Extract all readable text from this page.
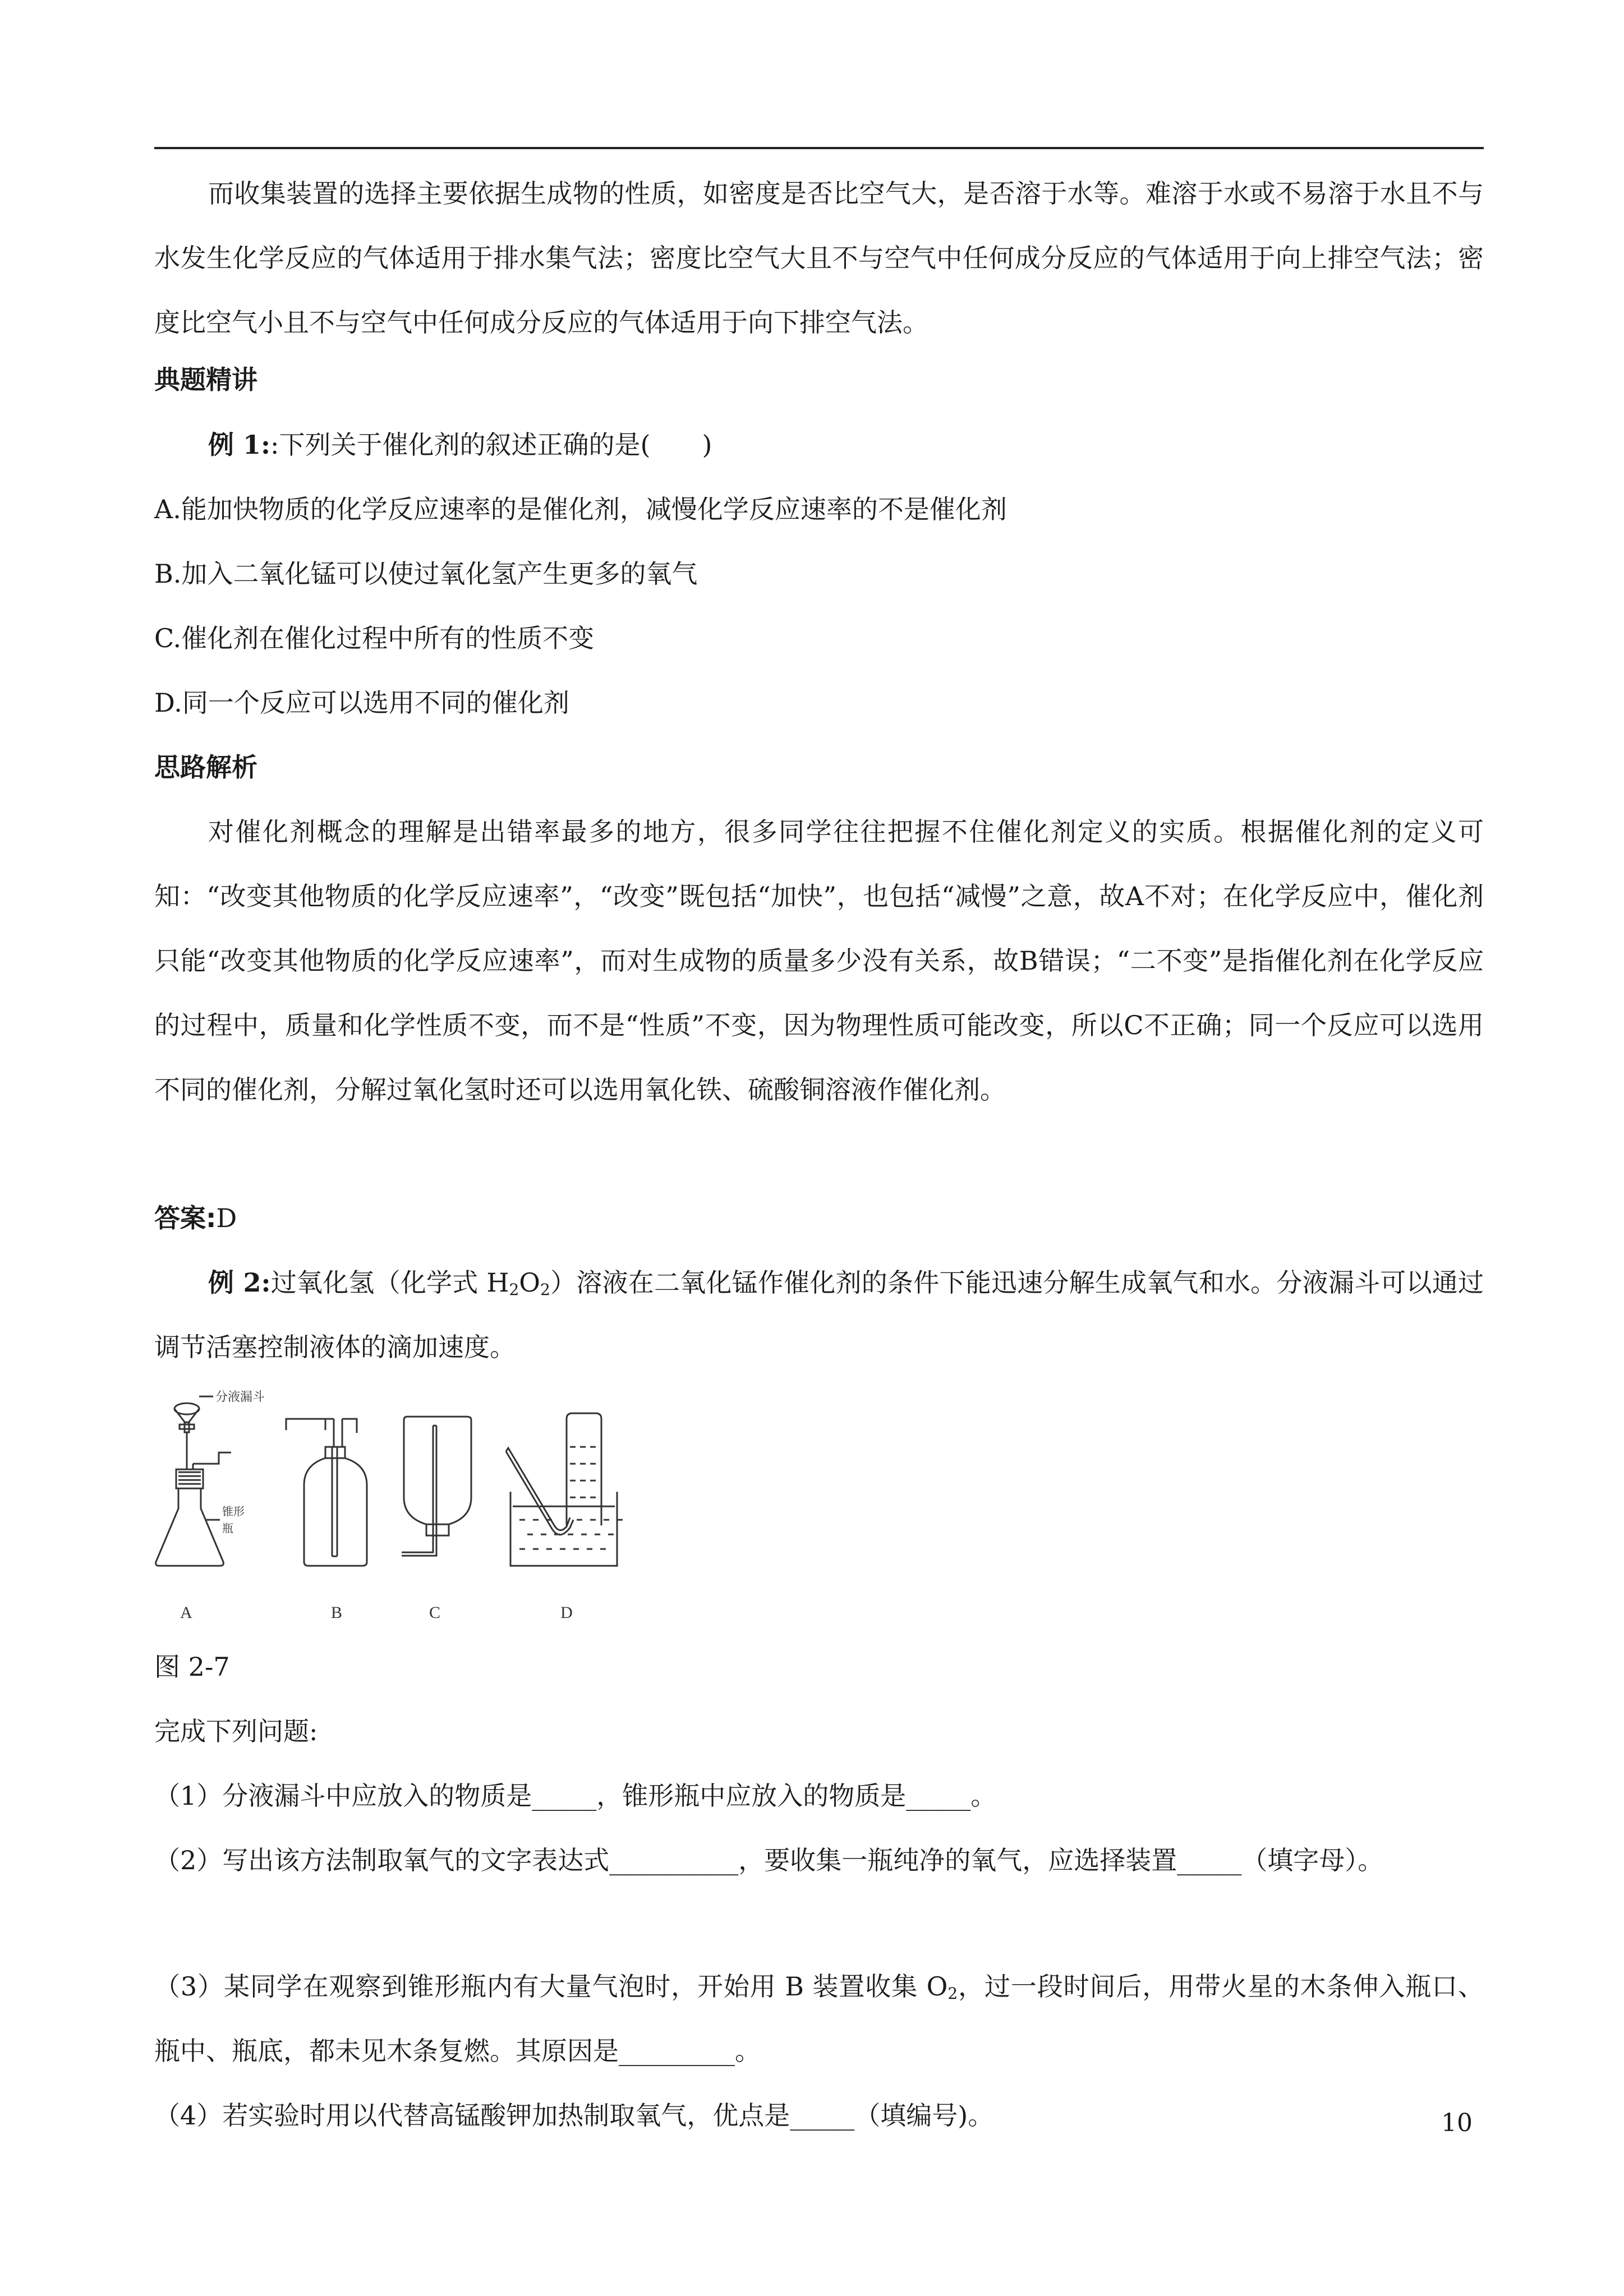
而收集装置的选择主要依据生成物的性质，如密度是否比空气大，是否溶于水等。难溶于水或不易溶于水且不与水发生化学反应的气体适用于排水集气法；密度比空气大且不与空气中任何成分反应的气体适用于向上排空气法；密度比空气小且不与空气中任何成分反应的气体适用于向下排空气法。
典题精讲
例 1::下列关于催化剂的叙述正确的是(　　)
A.能加快物质的化学反应速率的是催化剂，减慢化学反应速率的不是催化剂
B.加入二氧化锰可以使过氧化氢产生更多的氧气
C.催化剂在催化过程中所有的性质不变
D.同一个反应可以选用不同的催化剂
思路解析
对催化剂概念的理解是出错率最多的地方，很多同学往往把握不住催化剂定义的实质。根据催化剂的定义可知：“改变其他物质的化学反应速率”，“改变”既包括“加快”，也包括“减慢”之意，故A不对；在化学反应中，催化剂只能“改变其他物质的化学反应速率”，而对生成物的质量多少没有关系，故B错误；“二不变”是指催化剂在化学反应的过程中，质量和化学性质不变，而不是“性质”不变，因为物理性质可能改变，所以C不正确；同一个反应可以选用不同的催化剂，分解过氧化氢时还可以选用氧化铁、硫酸铜溶液作催化剂。
答案:D
例 2:过氧化氢（化学式 $H_2O_2$）溶液在二氧化锰作催化剂的条件下能迅速分解生成氧气和水。分液漏斗可以通过调节活塞控制液体的滴加速度。
分液漏斗
锥形
瓶
A	B	C	D
图 2-7
完成下列问题:
（1）分液漏斗中应放入的物质是_____，锥形瓶中应放入的物质是_____。
（2）写出该方法制取氧气的文字表达式__________，要收集一瓶纯净的氧气，应选择装置_____（填字母）。
（3）某同学在观察到锥形瓶内有大量气泡时，开始用 B 装置收集 $O_2$，过一段时间后，用带火星的木条伸入瓶口、瓶中、瓶底，都未见木条复燃。其原因是_________。
（4）若实验时用以代替高锰酸钾加热制取氧气，优点是_____（填编号)。	10
